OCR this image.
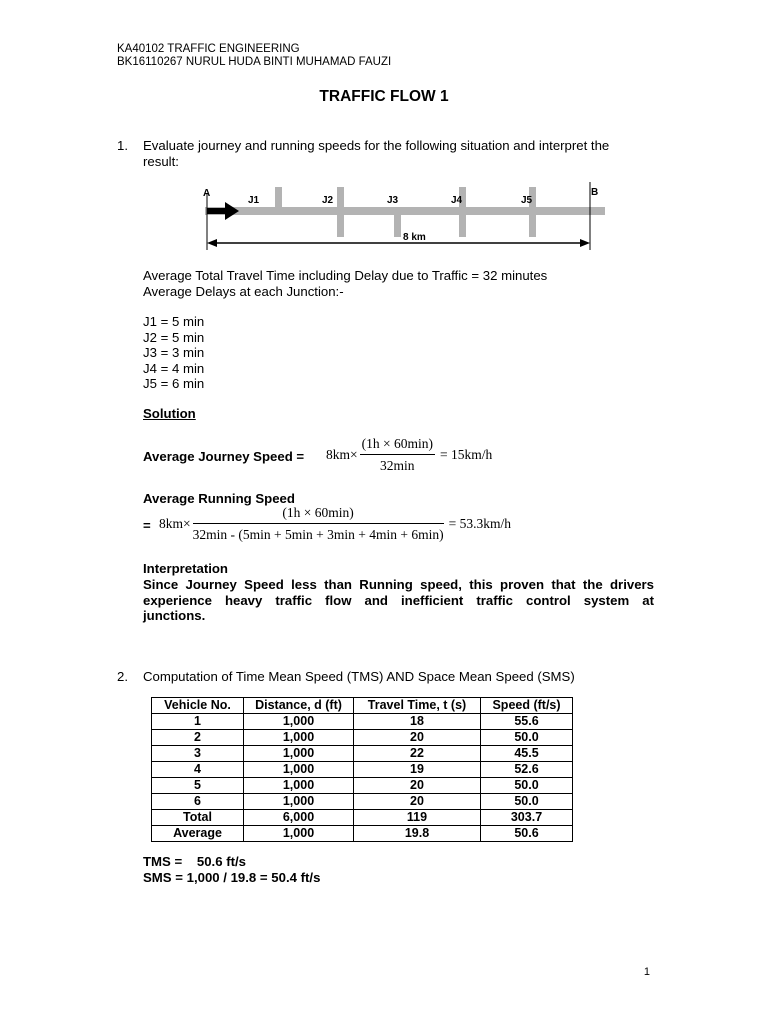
KA40102 TRAFFIC ENGINEERING
BK16110267 NURUL HUDA BINTI MUHAMAD FAUZI
TRAFFIC FLOW 1
1. Evaluate journey and running speeds for the following situation and interpret the
result:
A	B
J1	J2	J3	J4	J5
8 km
Average Total Travel Time including Delay due to Traffic = 32 minutes
Average Delays at each Junction:-
J1 = 5 min
J2 = 5 min
J3 = 3 min
J4 = 4 min
J5 = 6 min
Solution
Average Journey Speed = $8km\times \frac{(1h \times 60\min)}{32\min} = 15km/h$
Average Running Speed
= $8km\times \frac{(1h \times 60\min)}{32\min - (5\min + 5\min + 3\min + 4\min + 6\min)} = 53.3km/h$
Interpretation
Since Journey Speed less than Running speed, this proven that the drivers
experience heavy traffic flow and inefficient traffic control system at
junctions.
2. Computation of Time Mean Speed (TMS) AND Space Mean Speed (SMS)
Vehicle No.	Distance, d (ft)	Travel Time, t (s)	Speed (ft/s)
1	1,000	18	55.6
2	1,000	20	50.0
3	1,000	22	45.5
4	1,000	19	52.6
5	1,000	20	50.0
6	1,000	20	50.0
Total	6,000	119	303.7
Average	1,000	19.8	50.6
TMS =    50.6 ft/s
SMS = 1,000 / 19.8 = 50.4 ft/s
1
